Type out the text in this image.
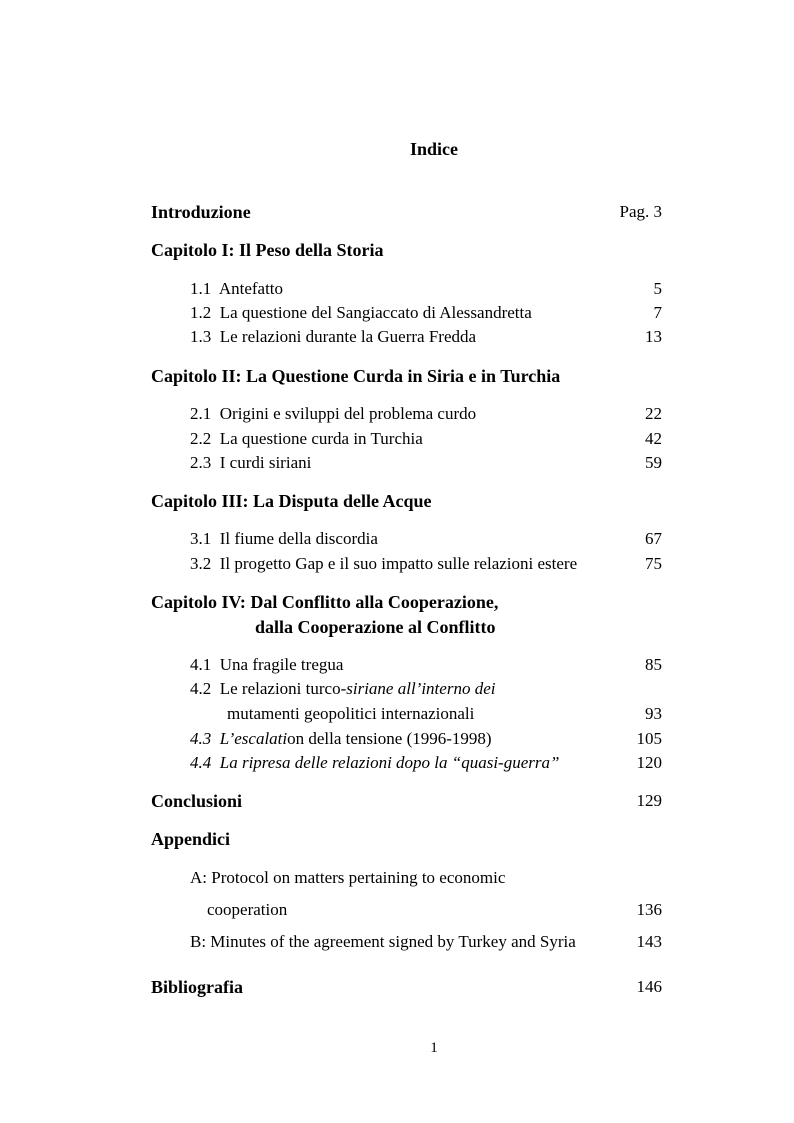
Indice
Introduzione	Pag. 3
Capitolo I: Il Peso della Storia
1.1 Antefatto	5
1.2 La questione del Sangiaccato di Alessandretta	7
1.3 Le relazioni durante la Guerra Fredda	13
Capitolo II: La Questione Curda in Siria e in Turchia
2.1 Origini e sviluppi del problema curdo	22
2.2 La questione curda in Turchia	42
2.3 I curdi siriani	59
Capitolo III: La Disputa delle Acque
3.1 Il fiume della discordia	67
3.2 Il progetto Gap e il suo impatto sulle relazioni estere	75
Capitolo IV: Dal Conflitto alla Cooperazione,
dalla Cooperazione al Conflitto
4.1 Una fragile tregua	85
4.2 Le relazioni turco-siriane all’interno dei
mutamenti geopolitici internazionali	93
4.3 L’escalation della tensione (1996-1998)	105
4.4 La ripresa delle relazioni dopo la “quasi-guerra”	120
Conclusioni	129
Appendici
A: Protocol on matters pertaining to economic
cooperation	136
B: Minutes of the agreement signed by Turkey and Syria	143
Bibliografia	146
1
